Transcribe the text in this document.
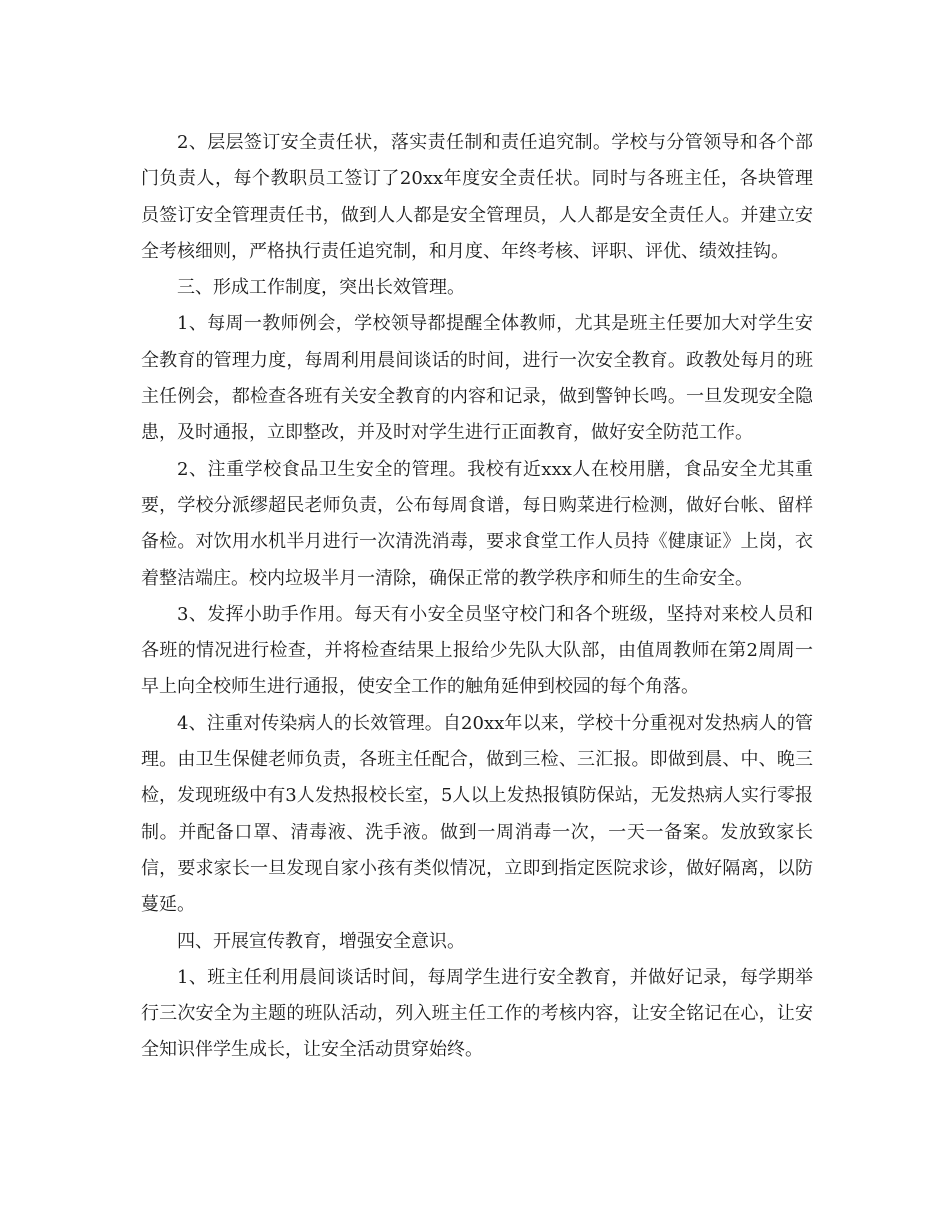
2、层层签订安全责任状，落实责任制和责任追究制。学校与分管领导和各个部门负责人，每个教职员工签订了20xx年度安全责任状。同时与各班主任，各块管理员签订安全管理责任书，做到人人都是安全管理员，人人都是安全责任人。并建立安全考核细则，严格执行责任追究制，和月度、年终考核、评职、评优、绩效挂钩。

三、形成工作制度，突出长效管理。

1、每周一教师例会，学校领导都提醒全体教师，尤其是班主任要加大对学生安全教育的管理力度，每周利用晨间谈话的时间，进行一次安全教育。政教处每月的班主任例会，都检查各班有关安全教育的内容和记录，做到警钟长鸣。一旦发现安全隐患，及时通报，立即整改，并及时对学生进行正面教育，做好安全防范工作。

2、注重学校食品卫生安全的管理。我校有近xxx人在校用膳，食品安全尤其重要，学校分派缪超民老师负责，公布每周食谱，每日购菜进行检测，做好台帐、留样备检。对饮用水机半月进行一次清洗消毒，要求食堂工作人员持《健康证》上岗，衣着整洁端庄。校内垃圾半月一清除，确保正常的教学秩序和师生的生命安全。

3、发挥小助手作用。每天有小安全员坚守校门和各个班级，坚持对来校人员和各班的情况进行检查，并将检查结果上报给少先队大队部，由值周教师在第2周周一早上向全校师生进行通报，使安全工作的触角延伸到校园的每个角落。

4、注重对传染病人的长效管理。自20xx年以来，学校十分重视对发热病人的管理。由卫生保健老师负责，各班主任配合，做到三检、三汇报。即做到晨、中、晚三检，发现班级中有3人发热报校长室，5人以上发热报镇防保站，无发热病人实行零报制。并配备口罩、清毒液、洗手液。做到一周消毒一次，一天一备案。发放致家长信，要求家长一旦发现自家小孩有类似情况，立即到指定医院求诊，做好隔离，以防蔓延。

四、开展宣传教育，增强安全意识。

1、班主任利用晨间谈话时间，每周学生进行安全教育，并做好记录，每学期举行三次安全为主题的班队活动，列入班主任工作的考核内容，让安全铭记在心，让安全知识伴学生成长，让安全活动贯穿始终。
